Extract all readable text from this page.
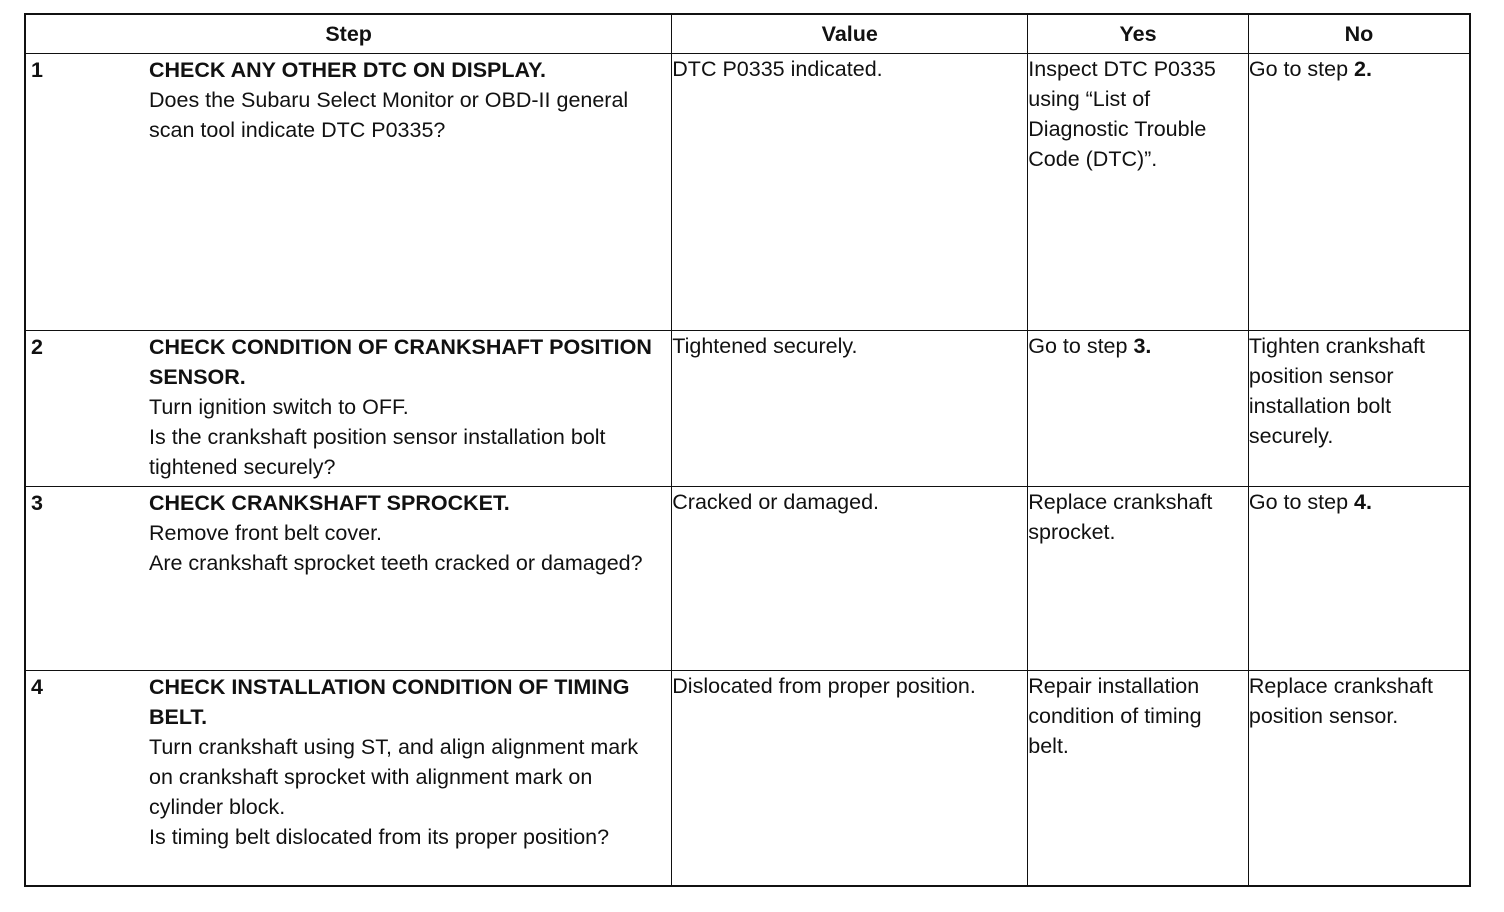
Step	Value	Yes	No

1 CHECK ANY OTHER DTC ON DISPLAY.
Does the Subaru Select Monitor or OBD-II general scan tool indicate DTC P0335?	DTC P0335 indicated.	Inspect DTC P0335 using “List of Diagnostic Trouble Code (DTC)”.	Go to step 2.

2 CHECK CONDITION OF CRANKSHAFT POSITION SENSOR.
Turn ignition switch to OFF.
Is the crankshaft position sensor installation bolt tightened securely?	Tightened securely.	Go to step 3.	Tighten crankshaft position sensor installation bolt securely.

3 CHECK CRANKSHAFT SPROCKET.
Remove front belt cover.
Are crankshaft sprocket teeth cracked or damaged?	Cracked or damaged.	Replace crankshaft sprocket.	Go to step 4.

4 CHECK INSTALLATION CONDITION OF TIMING BELT.
Turn crankshaft using ST, and align alignment mark on crankshaft sprocket with alignment mark on cylinder block.
Is timing belt dislocated from its proper position?	Dislocated from proper position.	Repair installation condition of timing belt.	Replace crankshaft position sensor.
